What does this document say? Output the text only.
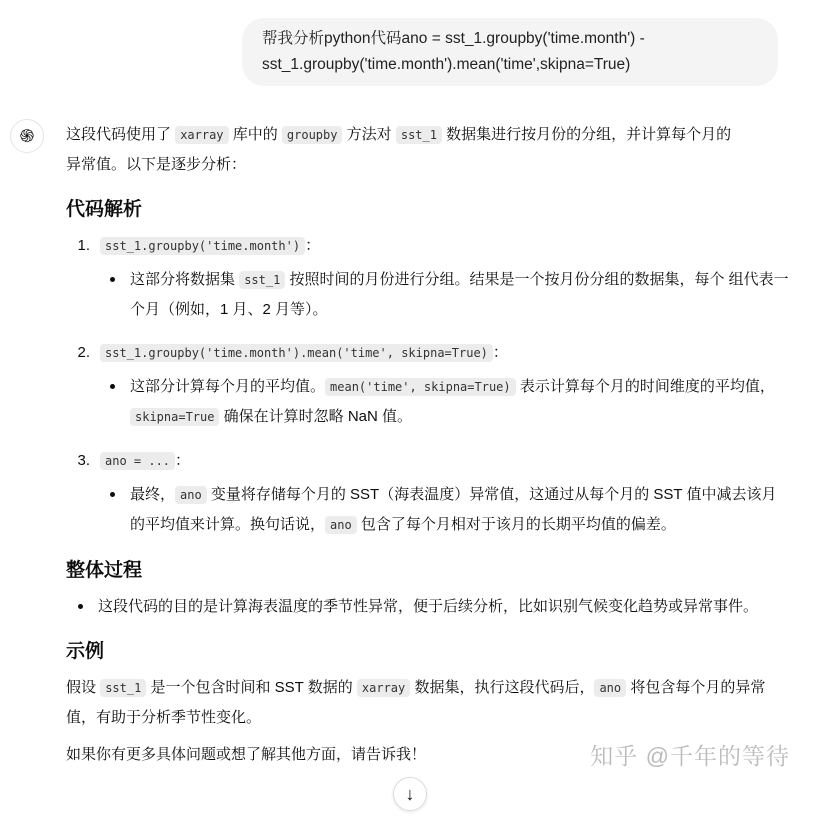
帮我分析python代码ano = sst_1.groupby('time.month') -
sst_1.groupby('time.month').mean('time',skipna=True)
֍	这段代码使用了 xarray 库中的 groupby 方法对 sst_1 数据集进行按月份的分组，并计算每个月的
异常值。以下是逐步分析：

代码解析
1.	sst_1.groupby('time.month') ：
这部分将数据集 sst_1 按照时间的月份进行分组。结果是一个按月份分组的数据集，每个 组代表一个月（例如，1 月、2 月等）。
2.	sst_1.groupby('time.month').mean('time', skipna=True) ：
这部分计算每个月的平均值。 mean('time', skipna=True) 表示计算每个月的时间维度的平均值，skipna=True 确保在计算时忽略 NaN 值。
3.	ano = ... ：
最终， ano 变量将存储每个月的 SST（海表温度）异常值，这通过从每个月的 SST 值中减去该月的平均值来计算。换句话说， ano 包含了每个月相对于该月的长期平均值的偏差。
整体过程
这段代码的目的是计算海表温度的季节性异常，便于后续分析，比如识别气候变化趋势或异常事件。
示例

假设 sst_1 是一个包含时间和 SST 数据的 xarray 数据集，执行这段代码后， ano 将包含每个月的异常值，有助于分析季节性变化。

如果你有更多具体问题或想了解其他方面，请告诉我！	知乎 @千年的等待
↓
